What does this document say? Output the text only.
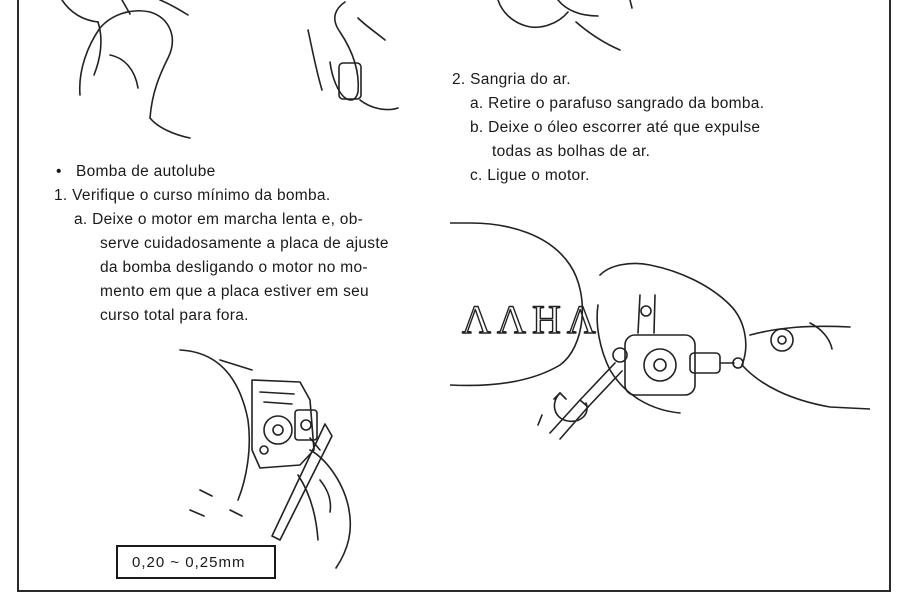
2. Sangria do ar.
a. Retire o parafuso sangrado da bomba.
b. Deixe o óleo escorrer até que expulse
todas as bolhas de ar.
c. Ligue o motor.
• Bomba de autolube
1. Verifique o curso mínimo da bomba.
a. Deixe o motor em marcha lenta e, ob-
serve cuidadosamente a placa de ajuste
da bomba desligando o motor no mo-
mento em que a placa estiver em seu
curso total para fora.	ΛΛΗΛ
0,20 ~ 0,25mm
